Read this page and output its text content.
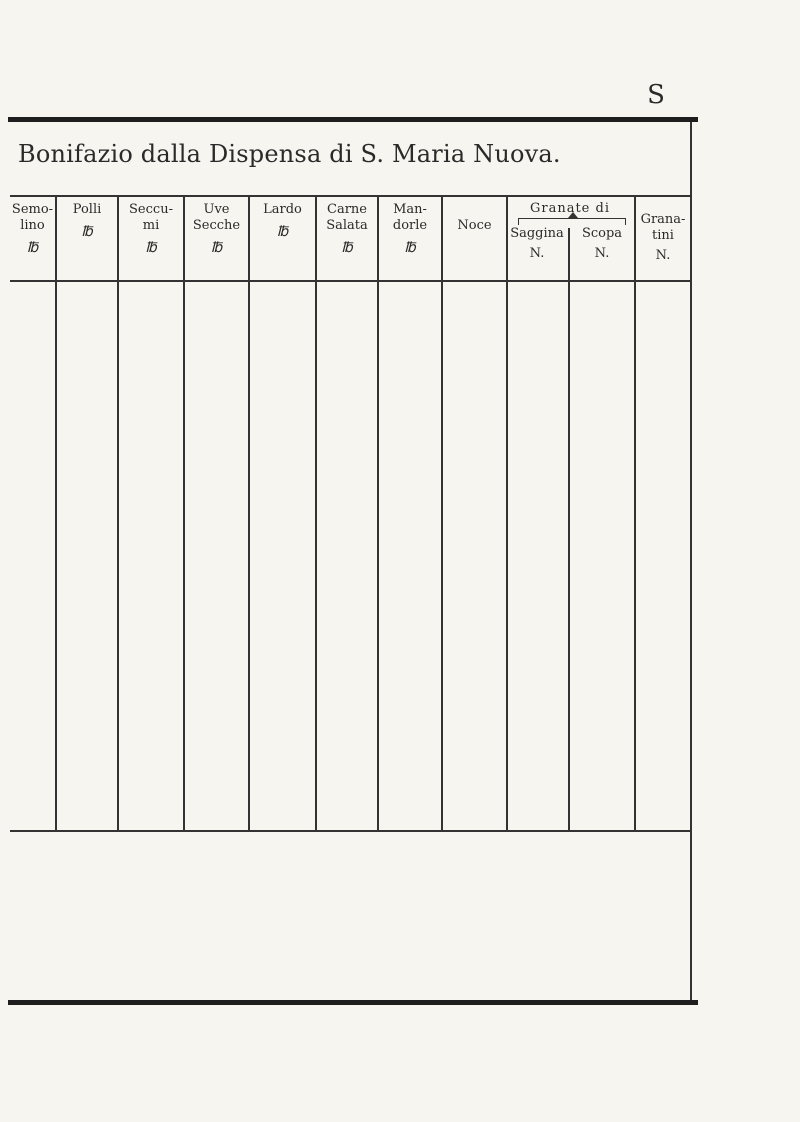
S
Bonifazio dalla Dispensa di S. Maria Nuova.
Semo- lino
℔
Polli
℔
Seccu- mi
℔
Uve Secche
℔
Lardo
℔
Carne Salata
℔
Man- dorle
℔
Noce
Granate di
Saggina
N.
Scopa
N.
Grana- tini
N.
